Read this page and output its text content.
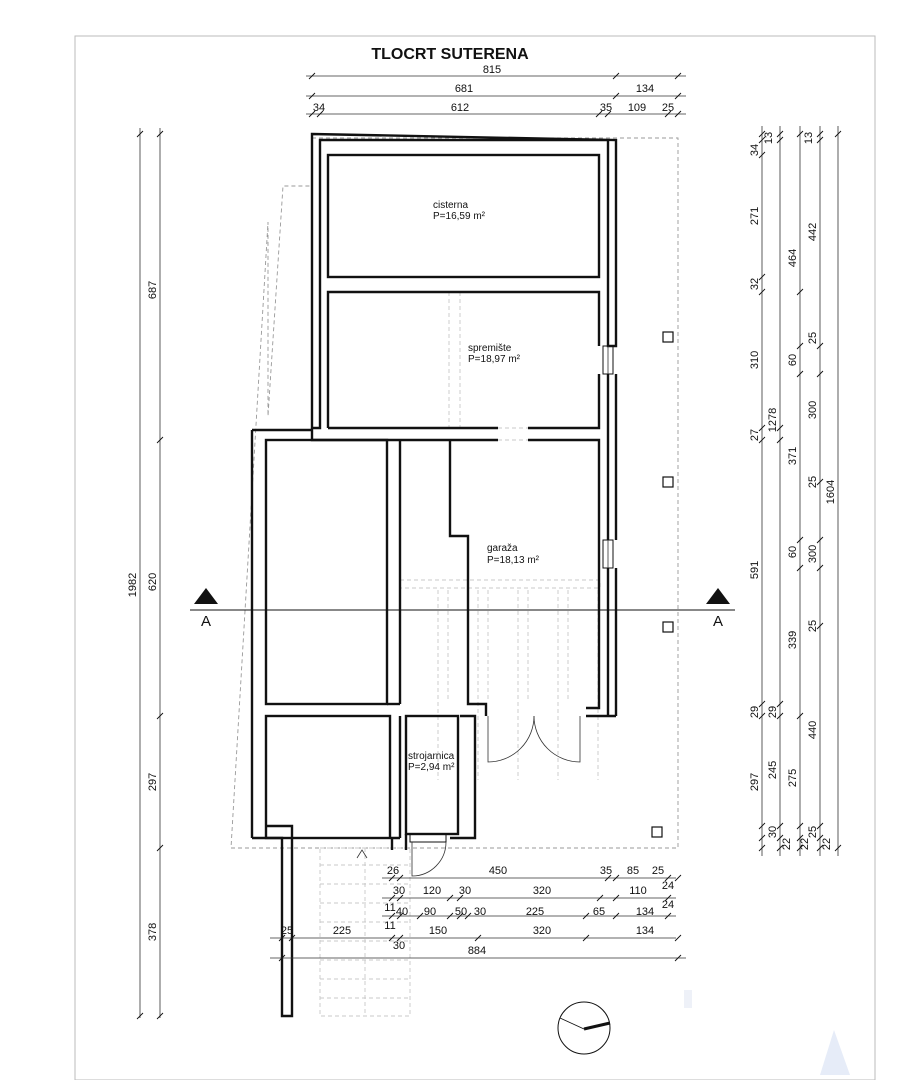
TLOCRT SUTERENA
cisterna
P=16,59 m²
spremište
P=18,97 m²
garaža
P=18,13 m²
strojarnica
P=2,94 m²
A	A
815
681	134
34	612	35 109 25
1982
687
620
297
378
34
13
271
32
310
27
591
29
297
30
22
1278
60
25
300
371
25
60 300
25
339
29
440
245 275
22
25
464
13
442
1604
22
26	450	35 85 25
30 120 30	320	110 24
11 40 90 50 30	225	65	134
24
25	225	11	150	320	134
30	884
